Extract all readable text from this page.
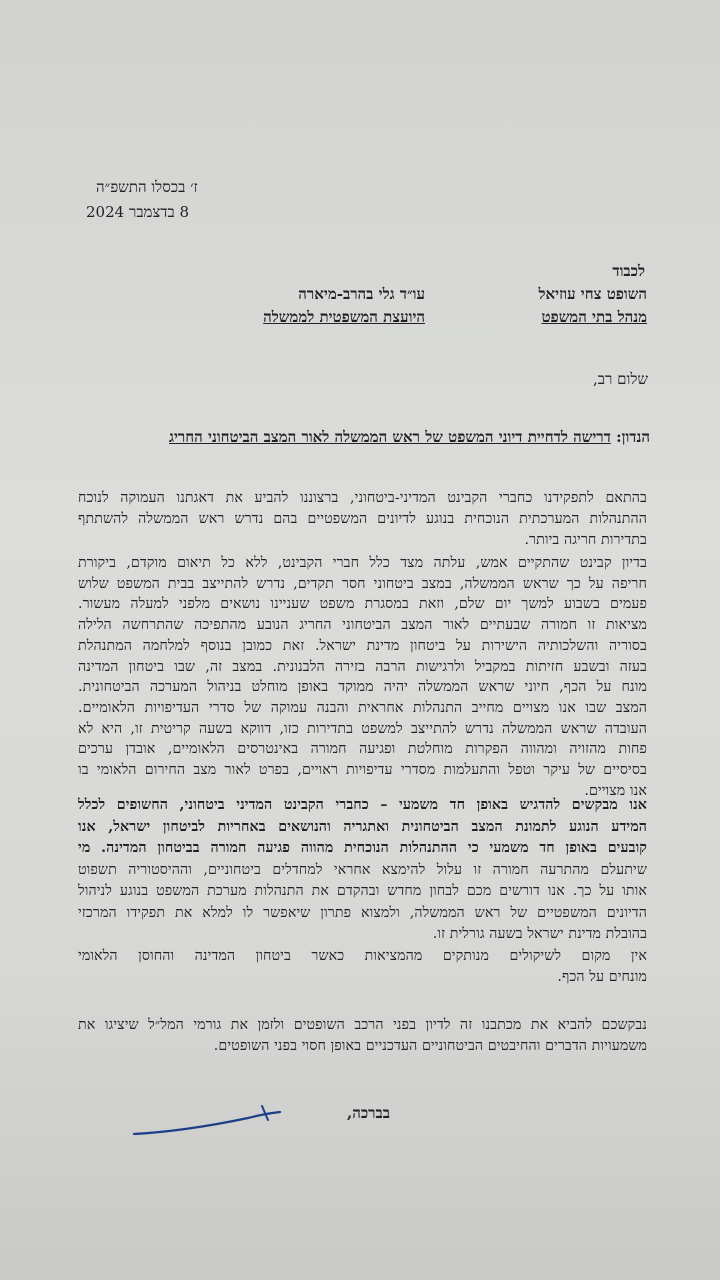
ז׳ בכסלו התשפ״ה
8 בדצמבר 2024
לכבוד
השופט צחי עוזיאל
מנהל בתי המשפט
עו״ד גלי בהרב-מיארה
היועצת המשפטית לממשלה
שלום רב,
הנדון: דרישה לדחיית דיוני המשפט של ראש הממשלה לאור המצב הביטחוני החריג
בהתאם לתפקידנו כחברי הקבינט המדיני-ביטחוני, ברצוננו להביע את דאגתנו העמוקה לנוכח
ההתנהלות המערכתית הנוכחית בנוגע לדיונים המשפטיים בהם נדרש ראש הממשלה להשתתף
בתדירות חריגה ביותר.
בדיון קבינט שהתקיים אמש, עלתה מצד כלל חברי הקבינט, ללא כל תיאום מוקדם, ביקורת
חריפה על כך שראש הממשלה, במצב ביטחוני חסר תקדים, נדרש להתייצב בבית המשפט שלוש
פעמים בשבוע למשך יום שלם, וזאת במסגרת משפט שעניינו נושאים מלפני למעלה מעשור.
מציאות זו חמורה שבעתיים לאור המצב הביטחוני החריג הנובע מהתפיכה שהתרחשה הלילה
בסוריה והשלכותיה הישירות על ביטחון מדינת ישראל. זאת כמובן בנוסף למלחמה המתנהלת
בעזה ובשבע חזיתות במקביל ולרגישות הרבה בזירה הלבנונית. במצב זה, שבו ביטחון המדינה
מונח על הכף, חיוני שראש הממשלה יהיה ממוקד באופן מוחלט בניהול המערכה הביטחונית.
המצב שבו אנו מצויים מחייב התנהלות אחראית והבנה עמוקה של סדרי העדיפויות הלאומיים.
העובדה שראש הממשלה נדרש להתייצב למשפט בתדירות כזו, דווקא בשעה קריטית זו, היא לא
פחות מהזויה ומהווה הפקרות מוחלטת ופגיעה חמורה באינטרסים הלאומיים, אובדן ערכים
בסיסיים של עיקר וטפל והתעלמות מסדרי עדיפויות ראויים, בפרט לאור מצב החירום הלאומי בו
אנו מצויים.
אנו מבקשים להדגיש באופן חד משמעי – כחברי הקבינט המדיני ביטחוני, החשופים לכלל
המידע הנוגע לתמונת המצב הביטחונית ואתגריה והנושאים באחריות לביטחון ישראל, אנו
קובעים באופן חד משמעי כי ההתנהלות הנוכחית מהווה פגיעה חמורה בביטחון המדינה. מי
שיתעלם מהתרעה חמורה זו עלול להימצא אחראי למחדלים ביטחוניים, וההיסטוריה תשפוט
אותו על כך. אנו דורשים מכם לבחון מחדש ובהקדם את התנהלות מערכת המשפט בנוגע לניהול
הדיונים המשפטיים של ראש הממשלה, ולמצוא פתרון שיאפשר לו למלא את תפקידו המרכזי
בהובלת מדינת ישראל בשעה גורלית זו.
אין מקום לשיקולים מנותקים מהמציאות כאשר ביטחון המדינה והחוסן הלאומי
מונחים על הכף.
נבקשכם להביא את מכתבנו זה לדיון בפני הרכב השופטים ולזמן את גורמי המל״ל שיציגו את
משמעויות הדברים והחיבטים הביטחוניים העדכניים באופן חסוי בפני השופטים.
בברכה,
